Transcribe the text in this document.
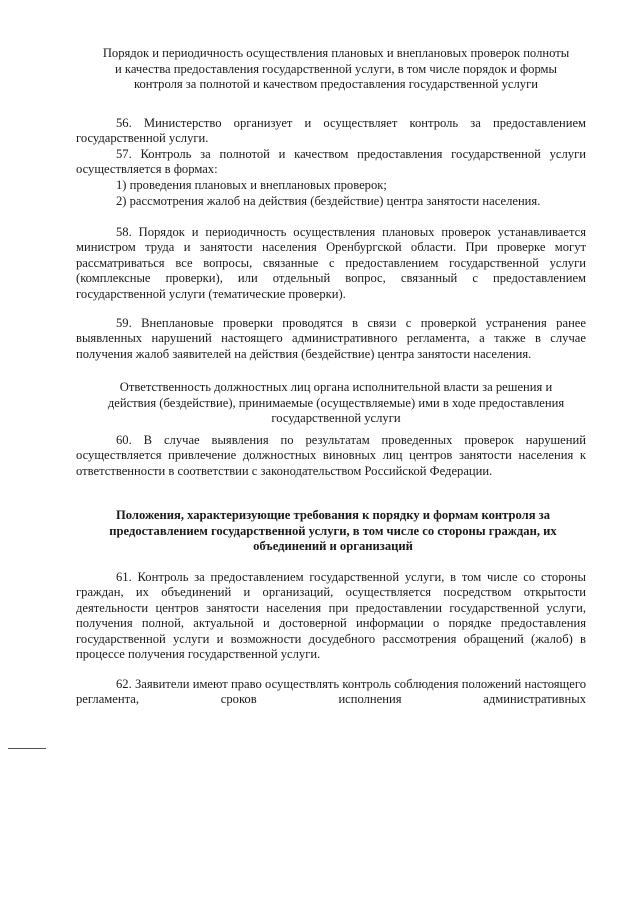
Порядок и периодичность осуществления плановых и внеплановых проверок полноты и качества предоставления государственной услуги, в том числе порядок и формы контроля за полнотой и качеством предоставления государственной услуги

56. Министерство организует и осуществляет контроль за предоставлением государственной услуги.

57. Контроль за полнотой и качеством предоставления государственной услуги осуществляется в формах:

1) проведения плановых и внеплановых проверок;

2) рассмотрения жалоб на действия (бездействие) центра занятости населения.

58. Порядок и периодичность осуществления плановых проверок устанавливается министром труда и занятости населения Оренбургской области. При проверке могут рассматриваться все вопросы, связанные с предоставлением государственной услуги (комплексные проверки), или отдельный вопрос, связанный с предоставлением государственной услуги (тематические проверки).

59. Внеплановые проверки проводятся в связи с проверкой устранения ранее выявленных нарушений настоящего административного регламента, а также в случае получения жалоб заявителей на действия (бездействие) центра занятости населения.

Ответственность должностных лиц органа исполнительной власти за решения и действия (бездействие), принимаемые (осуществляемые) ими в ходе предоставления государственной услуги

60. В случае выявления по результатам проведенных проверок нарушений осуществляется привлечение должностных виновных лиц центров занятости населения к ответственности в соответствии с законодательством Российской Федерации.

Положения, характеризующие требования к порядку и формам контроля за предоставлением государственной услуги, в том числе со стороны граждан, их объединений и организаций

61. Контроль за предоставлением государственной услуги, в том числе со стороны граждан, их объединений и организаций, осуществляется посредством открытости деятельности центров занятости населения при предоставлении государственной услуги, получения полной, актуальной и достоверной информации о порядке предоставления государственной услуги и возможности досудебного рассмотрения обращений (жалоб) в процессе получения государственной услуги.

62. Заявители имеют право осуществлять контроль соблюдения положений настоящего регламента, сроков исполнения административных
